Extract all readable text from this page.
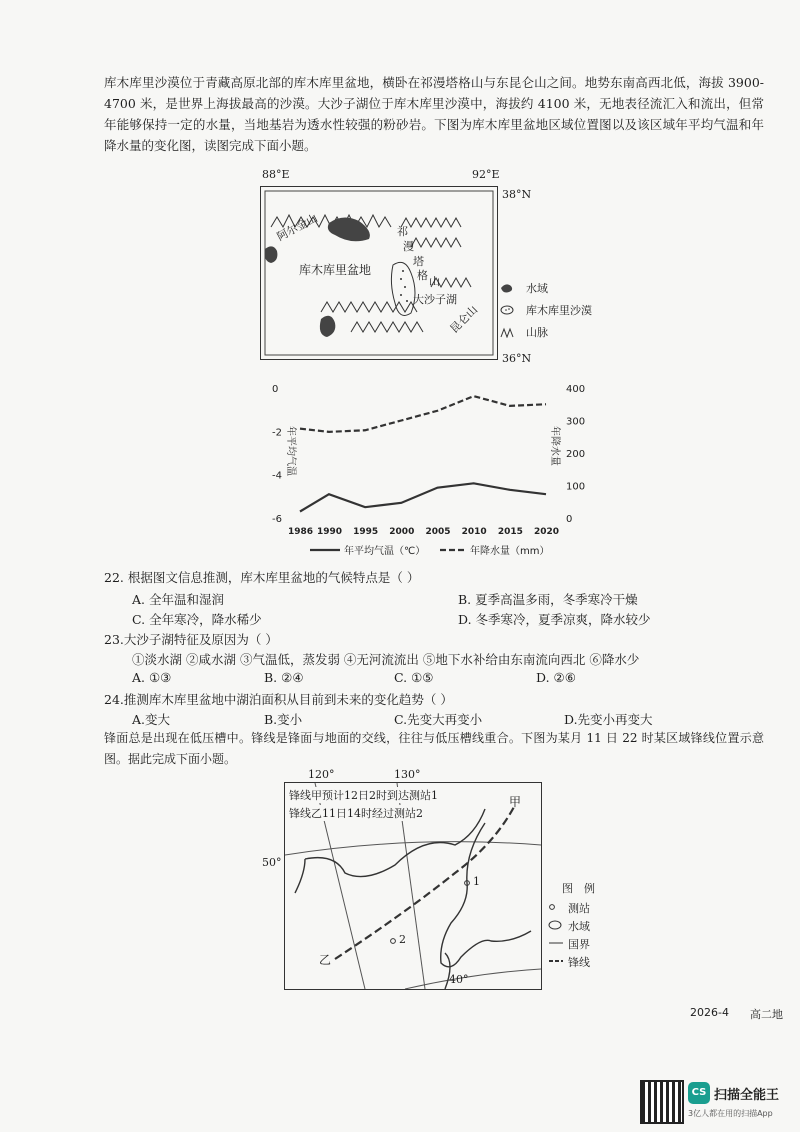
库木库里沙漠位于青藏高原北部的库木库里盆地，横卧在祁漫塔格山与东昆仑山之间。地势东南高西北低，海拔 3900-4700 米，是世界上海拔最高的沙漠。大沙子湖位于库木库里沙漠中，海拔约 4100 米，无地表径流汇入和流出，但常年能够保持一定的水量，当地基岩为透水性较强的粉砂岩。下图为库木库里盆地区域位置图以及该区域年平均气温和年降水量的变化图，读图完成下面小题。
阿尔金山
库木库里盆地
祁
漫
塔
格 山
大沙子湖
昆仑山
88°E	92°E
38°N
36°N
水域
库木库里沙漠
山脉
0
-2
-4
-6
400
300
200
100
0
1986 1990 1995 2000 2005 2010 2015 2020
年平均气温	年降水量
年平均气温（℃）	年降水量（mm）
22. 根据图文信息推测，库木库里盆地的气候特点是（ ）
A. 全年温和湿润	B. 夏季高温多雨，冬季寒冷干燥
C. 全年寒冷，降水稀少	D. 冬季寒冷，夏季凉爽，降水较少
23.大沙子湖特征及原因为（ ）
①淡水湖 ②咸水湖 ③气温低，蒸发弱 ④无河流流出 ⑤地下水补给由东南流向西北 ⑥降水少
A. ①③	B. ②④	C. ①⑤	D. ②⑥
24.推测库木库里盆地中湖泊面积从目前到未来的变化趋势（ ）
A.变大	B.变小	C.先变大再变小	D.先变小再变大
锋面总是出现在低压槽中。锋线是锋面与地面的交线，往往与低压槽线重合。下图为某月 11 日 22 时某区域锋线位置示意图。据此完成下面小题。
120°	130°
50°
锋线甲预计12日2时到达测站1
锋线乙11日14时经过测站2
甲
乙
1
2
40°
图　例
测站
水域
国界
锋线
2026-4 高二地
CS 扫描全能王
3亿人都在用的扫描App
